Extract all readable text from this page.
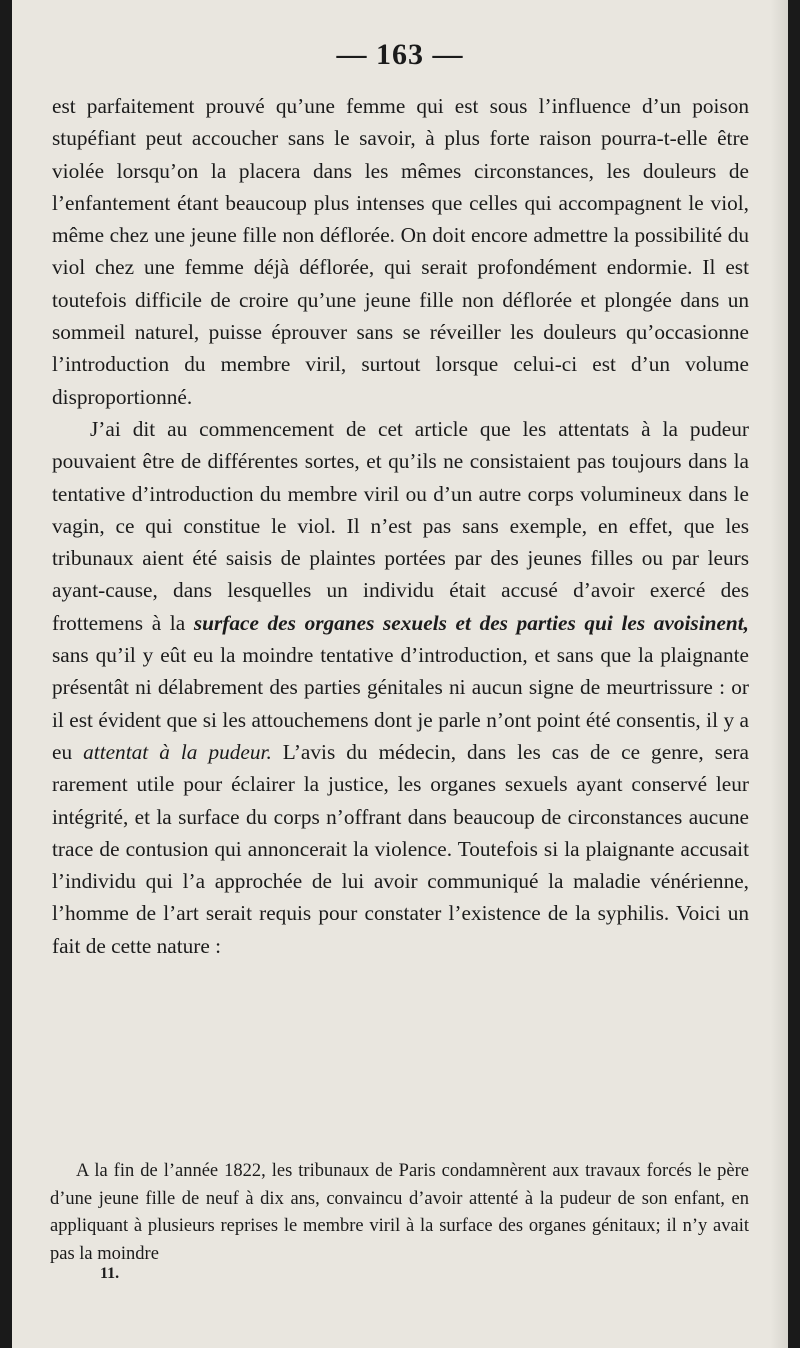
— 163 —

est parfaitement prouvé qu’une femme qui est sous l’influence d’un poison stupéfiant peut accoucher sans le savoir, à plus forte raison pourra-t-elle être violée lorsqu’on la placera dans les mêmes circonstances, les douleurs de l’enfantement étant beaucoup plus intenses que celles qui accompagnent le viol, même chez une jeune fille non déflorée. On doit encore admettre la possibilité du viol chez une femme déjà déflorée, qui serait profondément endormie. Il est toutefois difficile de croire qu’une jeune fille non déflorée et plongée dans un sommeil naturel, puisse éprouver sans se réveiller les douleurs qu’occasionne l’introduction du membre viril, surtout lorsque celui-ci est d’un volume disproportionné.

J’ai dit au commencement de cet article que les attentats à la pudeur pouvaient être de différentes sortes, et qu’ils ne consistaient pas toujours dans la tentative d’introduction du membre viril ou d’un autre corps volumineux dans le vagin, ce qui constitue le viol. Il n’est pas sans exemple, en effet, que les tribunaux aient été saisis de plaintes portées par des jeunes filles ou par leurs ayant-cause, dans lesquelles un individu était accusé d’avoir exercé des frottemens à la surface des organes sexuels et des parties qui les avoisinent, sans qu’il y eût eu la moindre tentative d’introduction, et sans que la plaignante présentât ni délabrement des parties génitales ni aucun signe de meurtrissure : or il est évident que si les attouchemens dont je parle n’ont point été consentis, il y a eu attentat à la pudeur. L’avis du médecin, dans les cas de ce genre, sera rarement utile pour éclairer la justice, les organes sexuels ayant conservé leur intégrité, et la surface du corps n’offrant dans beaucoup de circonstances aucune trace de contusion qui annoncerait la violence. Toutefois si la plaignante accusait l’individu qui l’a approchée de lui avoir communiqué la maladie vénérienne, l’homme de l’art serait requis pour constater l’existence de la syphilis. Voici un fait de cette nature :

A la fin de l’année 1822, les tribunaux de Paris condamnèrent aux travaux forcés le père d’une jeune fille de neuf à dix ans, convaincu d’avoir attenté à la pudeur de son enfant, en appliquant à plusieurs reprises le membre viril à la surface des organes génitaux; il n’y avait pas la moindre
11.
